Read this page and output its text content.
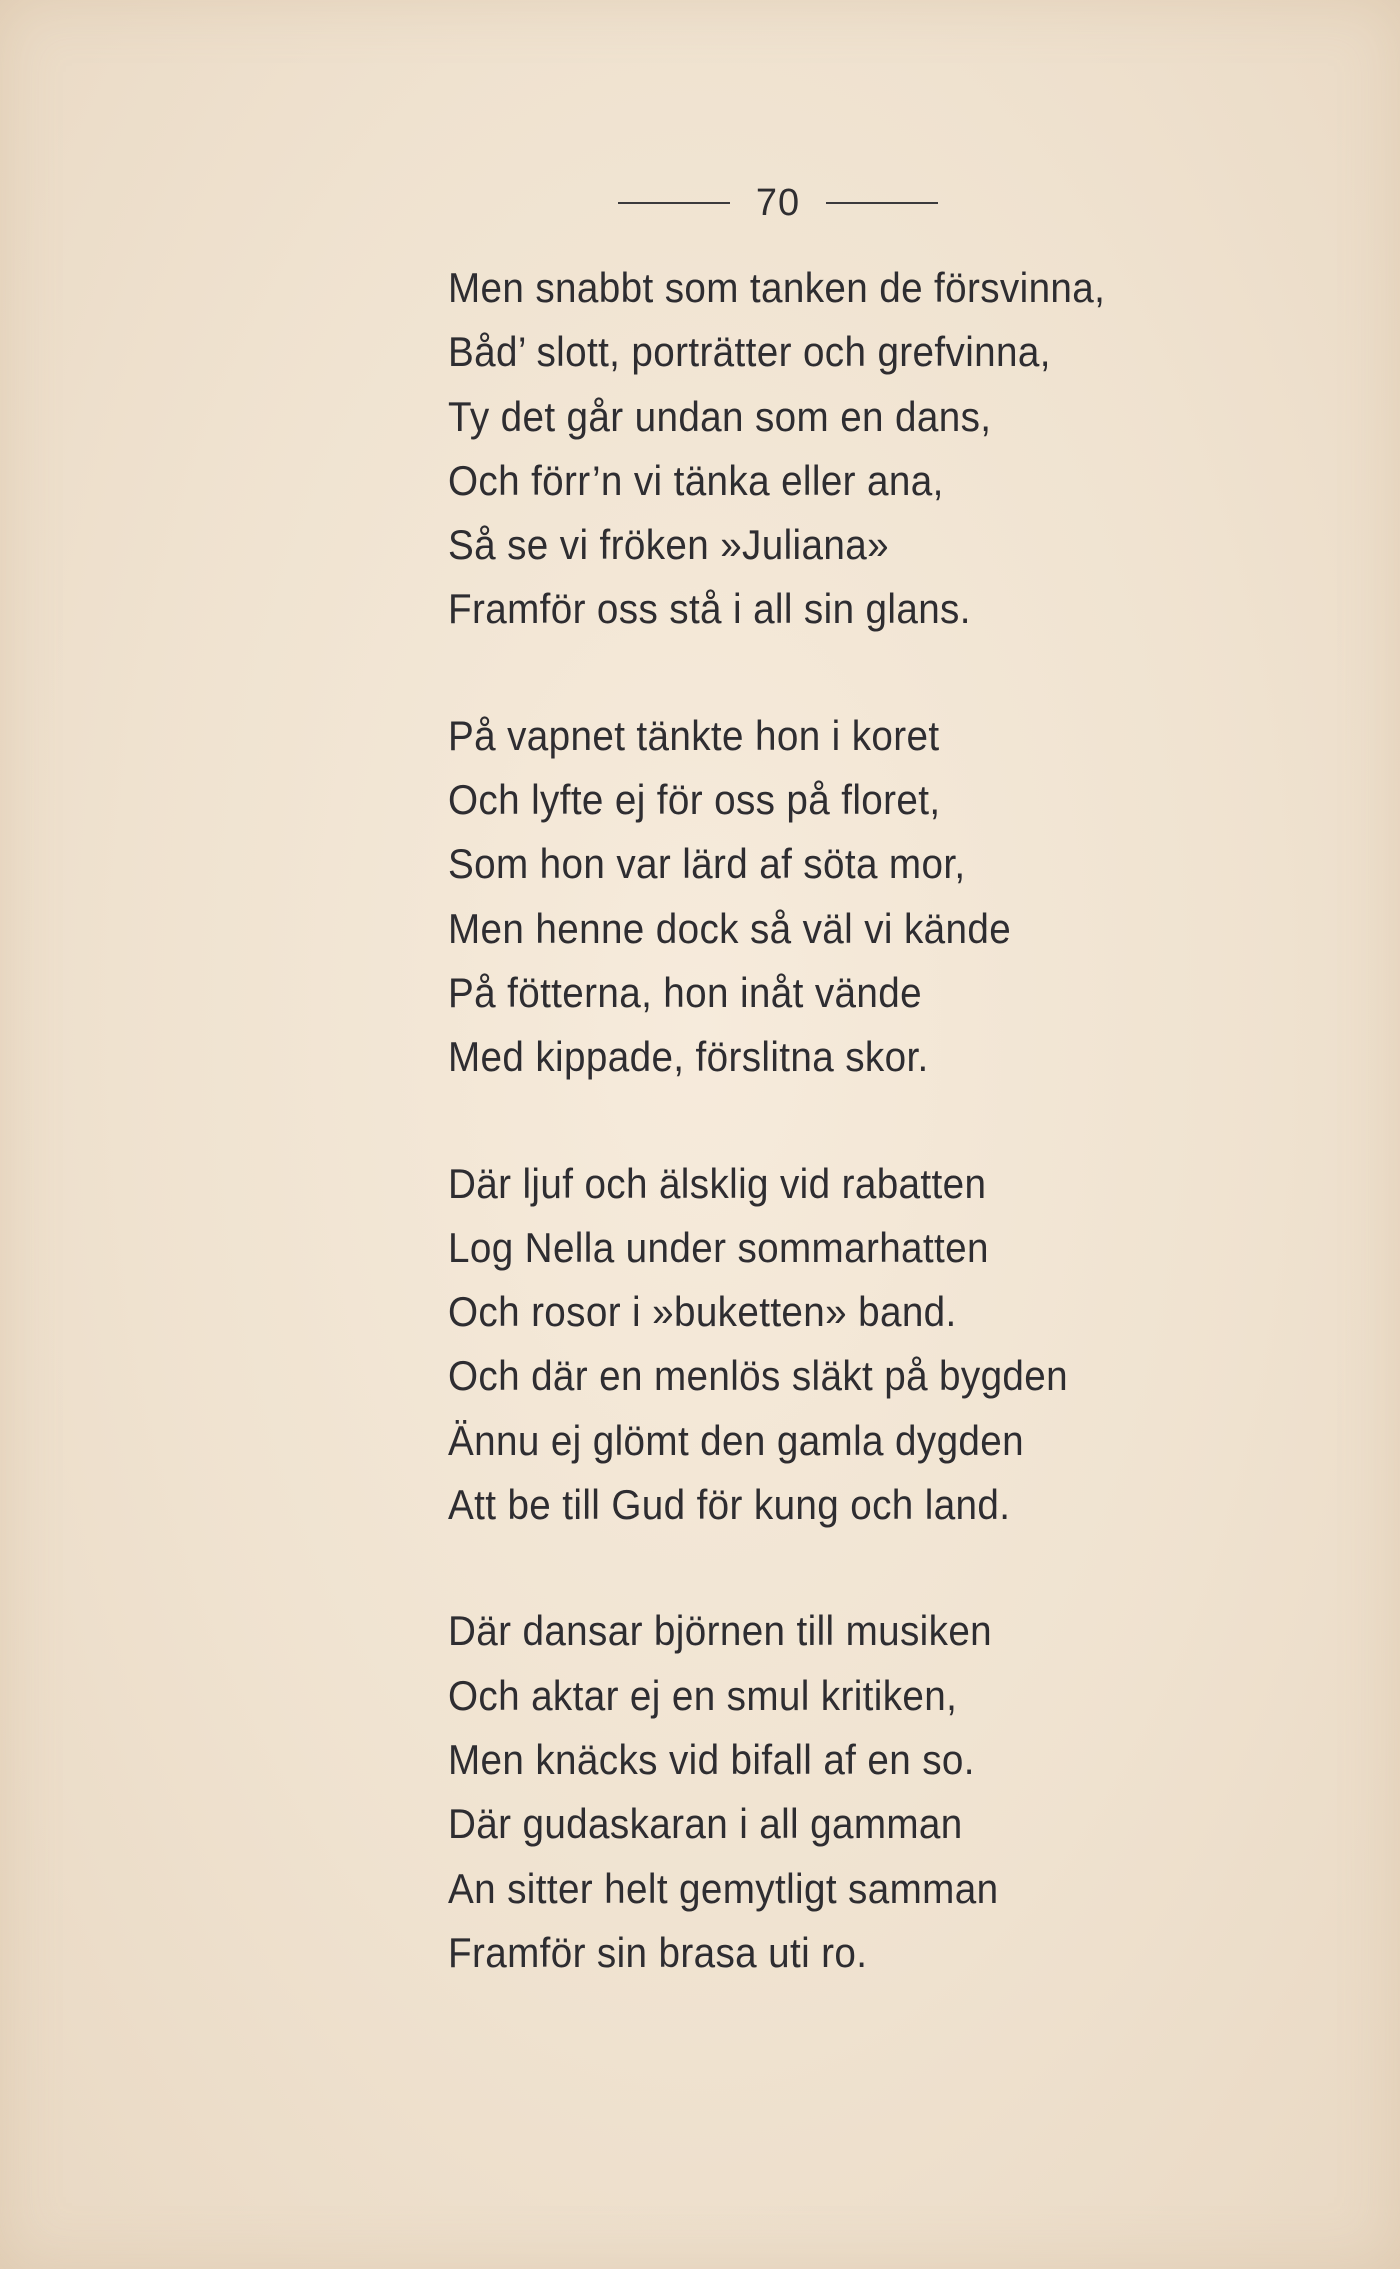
70

Men snabbt som tanken de försvinna,
Båd’ slott, porträtter och grefvinna,
Ty det går undan som en dans,
Och förr’n vi tänka eller ana,
Så se vi fröken »Juliana»
Framför oss stå i all sin glans.

På vapnet tänkte hon i koret
Och lyfte ej för oss på floret,
Som hon var lärd af söta mor,
Men henne dock så väl vi kände
På fötterna, hon inåt vände
Med kippade, förslitna skor.

Där ljuf och älsklig vid rabatten
Log Nella under sommarhatten
Och rosor i »buketten» band.
Och där en menlös släkt på bygden
Ännu ej glömt den gamla dygden
Att be till Gud för kung och land.

Där dansar björnen till musiken
Och aktar ej en smul kritiken,
Men knäcks vid bifall af en so.
Där gudaskaran i all gamman
An sitter helt gemytligt samman
Framför sin brasa uti ro.
